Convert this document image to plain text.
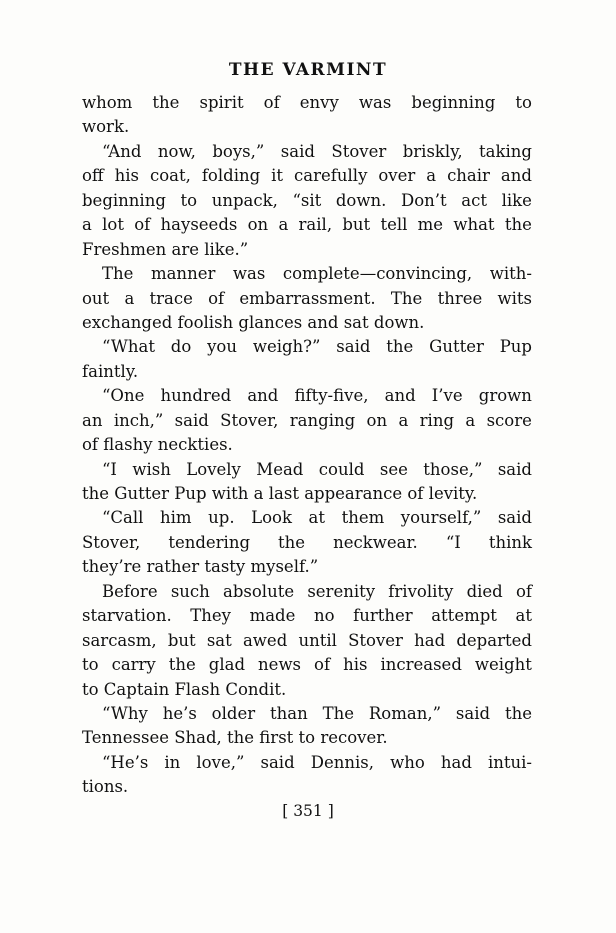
THE VARMINT
whom the spirit of envy was beginning to
work.
“And now, boys,” said Stover briskly, taking
off his coat, folding it carefully over a chair and
beginning to unpack, “sit down. Don’t act like
a lot of hayseeds on a rail, but tell me what the
Freshmen are like.”
The manner was complete—convincing, with-
out a trace of embarrassment. The three wits
exchanged foolish glances and sat down.
“What do you weigh?” said the Gutter Pup
faintly.
“One hundred and fifty-five, and I’ve grown
an inch,” said Stover, ranging on a ring a score
of flashy neckties.
“I wish Lovely Mead could see those,” said
the Gutter Pup with a last appearance of levity.
“Call him up. Look at them yourself,” said
Stover, tendering the neckwear. “I think
they’re rather tasty myself.”
Before such absolute serenity frivolity died of
starvation. They made no further attempt at
sarcasm, but sat awed until Stover had departed
to carry the glad news of his increased weight
to Captain Flash Condit.
“Why he’s older than The Roman,” said the
Tennessee Shad, the first to recover.
“He’s in love,” said Dennis, who had intui-
tions.
[ 351 ]
